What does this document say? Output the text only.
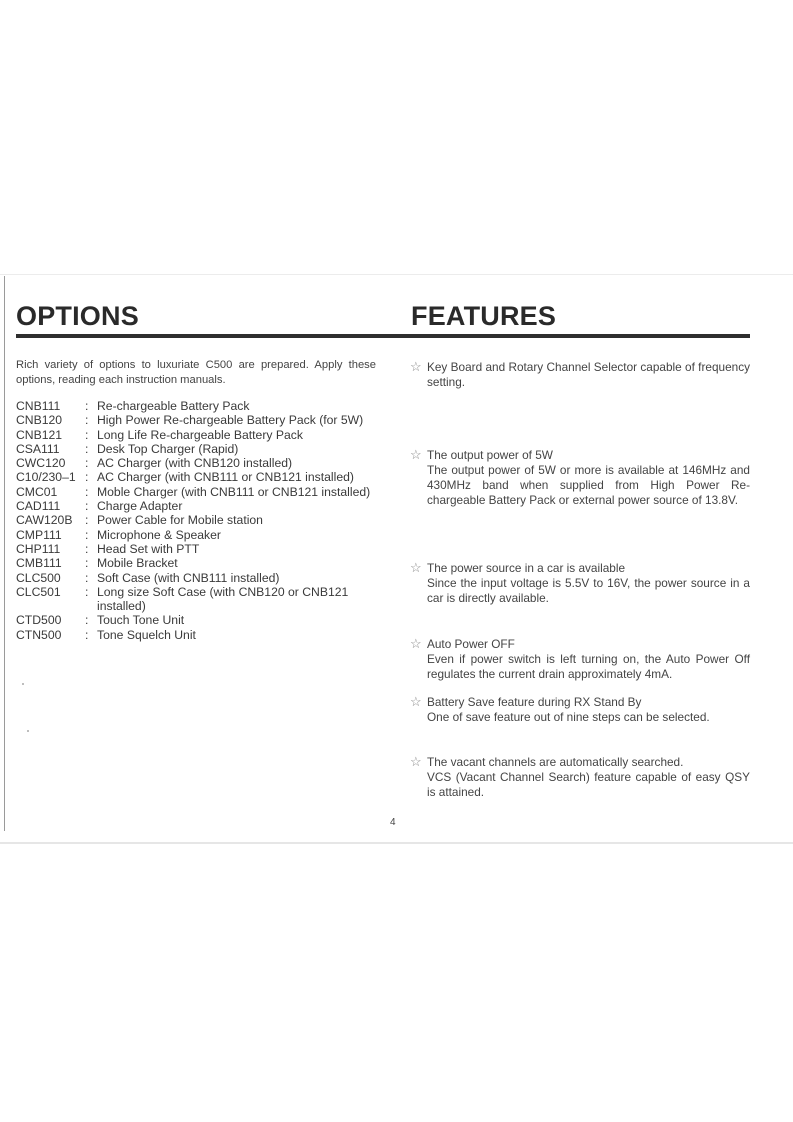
OPTIONS	FEATURES

Rich variety of options to luxuriate C500 are prepared. Apply these options, reading each instruction manuals.

CNB111	: Re-chargeable Battery Pack
CNB120	: High Power Re-chargeable Battery Pack (for 5W)
CNB121	: Long Life Re-chargeable Battery Pack
CSA111	: Desk Top Charger (Rapid)
CWC120	: AC Charger (with CNB120 installed)
C10/230–1 : AC Charger (with CNB111 or CNB121 installed)
CMC01	: Moble Charger (with CNB111 or CNB121 installed)
CAD111	: Charge Adapter
CAW120B	: Power Cable for Mobile station
CMP111	: Microphone & Speaker
CHP111	: Head Set with PTT
CMB111	: Mobile Bracket
CLC500	: Soft Case (with CNB111 installed)
CLC501	: Long size Soft Case (with CNB120 or CNB121 installed)
CTD500	: Touch Tone Unit
CTN500	: Tone Squelch Unit
☆ Key Board and Rotary Channel Selector capable of frequency setting.
☆ The output power of 5W
The output power of 5W or more is available at 146MHz and 430MHz band when supplied from High Power Re-chargeable Battery Pack or external power source of 13.8V.
☆ The power source in a car is available
Since the input voltage is 5.5V to 16V, the power source in a car is directly available.
☆ Auto Power OFF
Even if power switch is left turning on, the Auto Power Off regulates the current drain approximately 4mA.
☆ Battery Save feature during RX Stand By
One of save feature out of nine steps can be selected.
☆ The vacant channels are automatically searched.
VCS (Vacant Channel Search) feature capable of easy QSY is attained.
4
